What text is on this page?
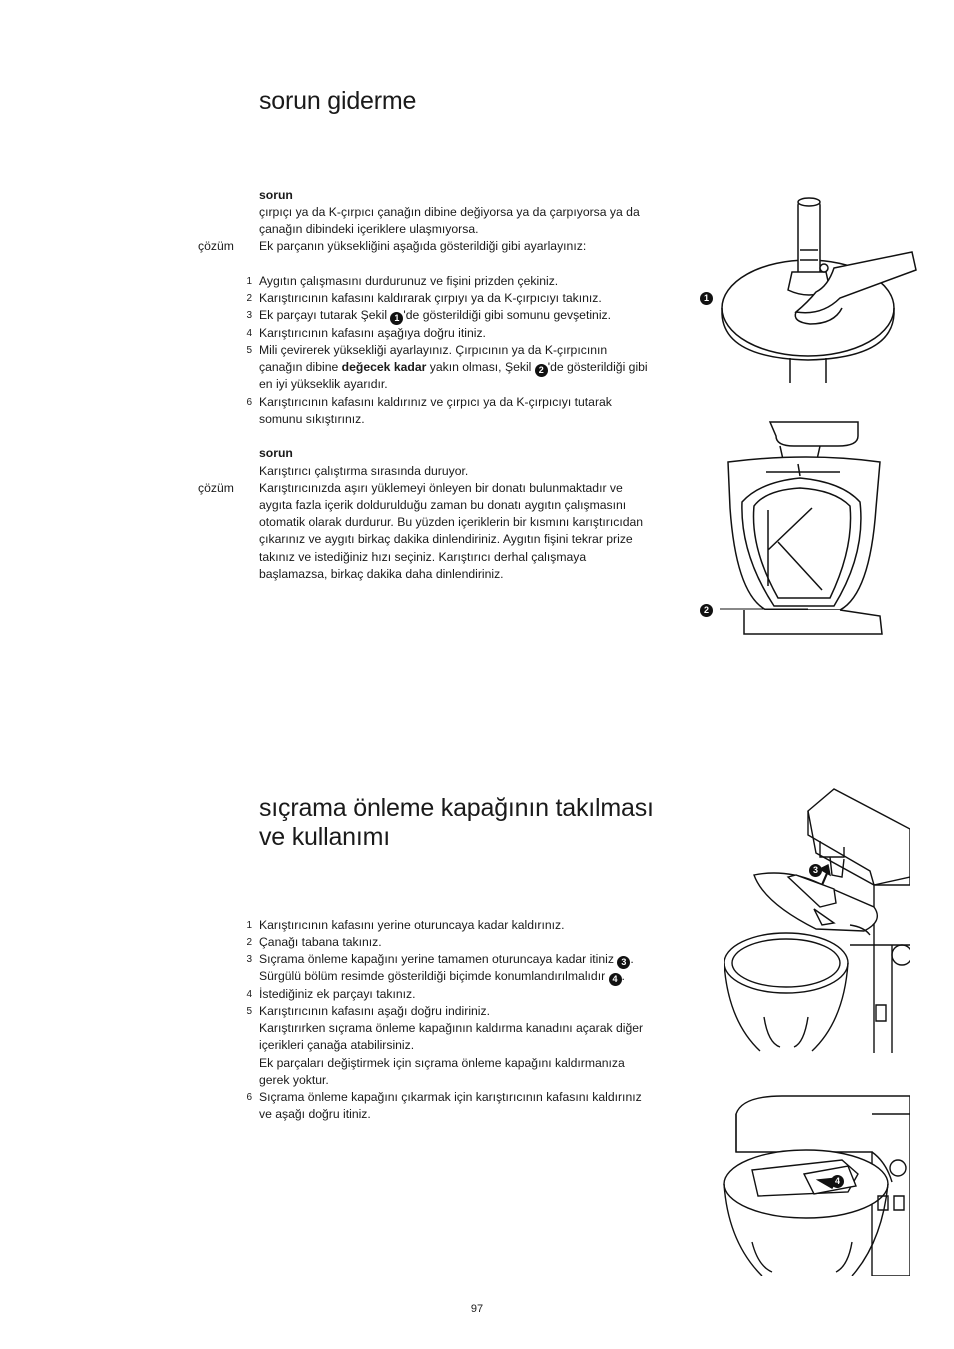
sorun giderme
sorun
çırpıçı ya da K-çırpıcı çanağın dibine değiyorsa ya da çarpıyorsa ya da
çanağın dibindeki içeriklere ulaşmıyorsa.
çözüm Ek parçanın yüksekliğini aşağıda gösterildiği gibi ayarlayınız:
1 Aygıtın çalışmasını durdurunuz ve fişini prizden çekiniz.
2 Karıştırıcının kafasını kaldırarak çırpıyı ya da K-çırpıcıyı takınız.
3 Ek parçayı tutarak Şekil 1 'de gösterildiği gibi somunu gevşetiniz.
4 Karıştırıcının kafasını aşağıya doğru itiniz.
5 Mili çevirerek yüksekliği ayarlayınız. Çırpıcının ya da K-çırpıcının
çanağın dibine değecek kadar yakın olması, Şekil 2 'de gösterildiği gibi
en iyi yükseklik ayarıdır.
6 Karıştırıcının kafasını kaldırınız ve çırpıcı ya da K-çırpıcıyı tutarak
somunu sıkıştırınız.
sorun
Karıştırıcı çalıştırma sırasında duruyor.
çözüm Karıştırıcınızda aşırı yüklemeyi önleyen bir donatı bulunmaktadır ve
aygıta fazla içerik doldurulduğu zaman bu donatı aygıtın çalışmasını
otomatik olarak durdurur. Bu yüzden içeriklerin bir kısmını karıştırıcıdan
çıkarınız ve aygıtı birkaç dakika dinlendiriniz. Aygıtın fişini tekrar prize
takınız ve istediğiniz hızı seçiniz. Karıştırıcı derhal çalışmaya
başlamazsa, birkaç dakika daha dinlendiriniz.
1
2
sıçrama önleme kapağının takılması
ve kullanımı
1 Karıştırıcının kafasını yerine oturuncaya kadar kaldırınız.
2 Çanağı tabana takınız.
3 Sıçrama önleme kapağını yerine tamamen oturuncaya kadar itiniz 3 .
Sürgülü bölüm resimde gösterildiği biçimde konumlandırılmalıdır 4 .
4 İstediğiniz ek parçayı takınız.
5 Karıştırıcının kafasını aşağı doğru indiriniz.
Karıştırırken sıçrama önleme kapağının kaldırma kanadını açarak diğer
içerikleri çanağa atabilirsiniz.
Ek parçaları değiştirmek için sıçrama önleme kapağını kaldırmanıza
gerek yoktur.
6 Sıçrama önleme kapağını çıkarmak için karıştırıcının kafasını kaldırınız
ve aşağı doğru itiniz.
3
4
97
